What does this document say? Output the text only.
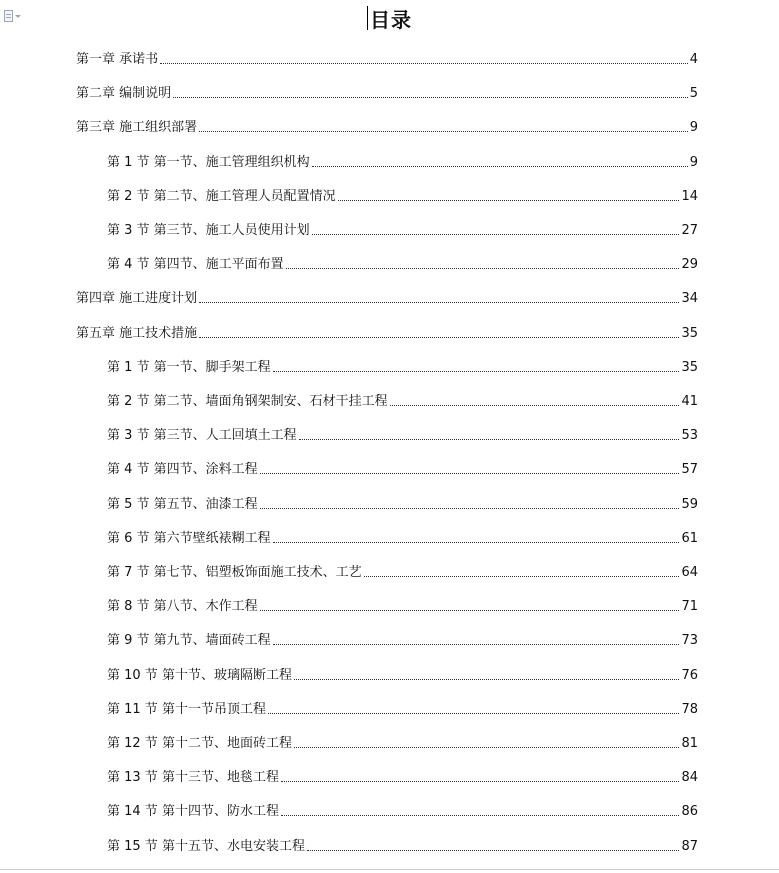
目录
第一章 承诺书	4
第二章 编制说明	5
第三章 施工组织部署	9
第 1 节 第一节、施工管理组织机构	9
第 2 节 第二节、施工管理人员配置情况	14
第 3 节 第三节、施工人员使用计划	27
第 4 节 第四节、施工平面布置	29
第四章 施工进度计划	34
第五章 施工技术措施	35
第 1 节 第一节、脚手架工程	35
第 2 节 第二节、墙面角钢架制安、石材干挂工程	41
第 3 节 第三节、人工回填土工程	53
第 4 节 第四节、涂料工程	57
第 5 节 第五节、油漆工程	59
第 6 节 第六节壁纸裱糊工程	61
第 7 节 第七节、铝塑板饰面施工技术、工艺	64
第 8 节 第八节、木作工程	71
第 9 节 第九节、墙面砖工程	73
第 10 节 第十节、玻璃隔断工程	76
第 11 节 第十一节吊顶工程	78
第 12 节 第十二节、地面砖工程	81
第 13 节 第十三节、地毯工程	84
第 14 节 第十四节、防水工程	86
第 15 节 第十五节、水电安装工程	87
